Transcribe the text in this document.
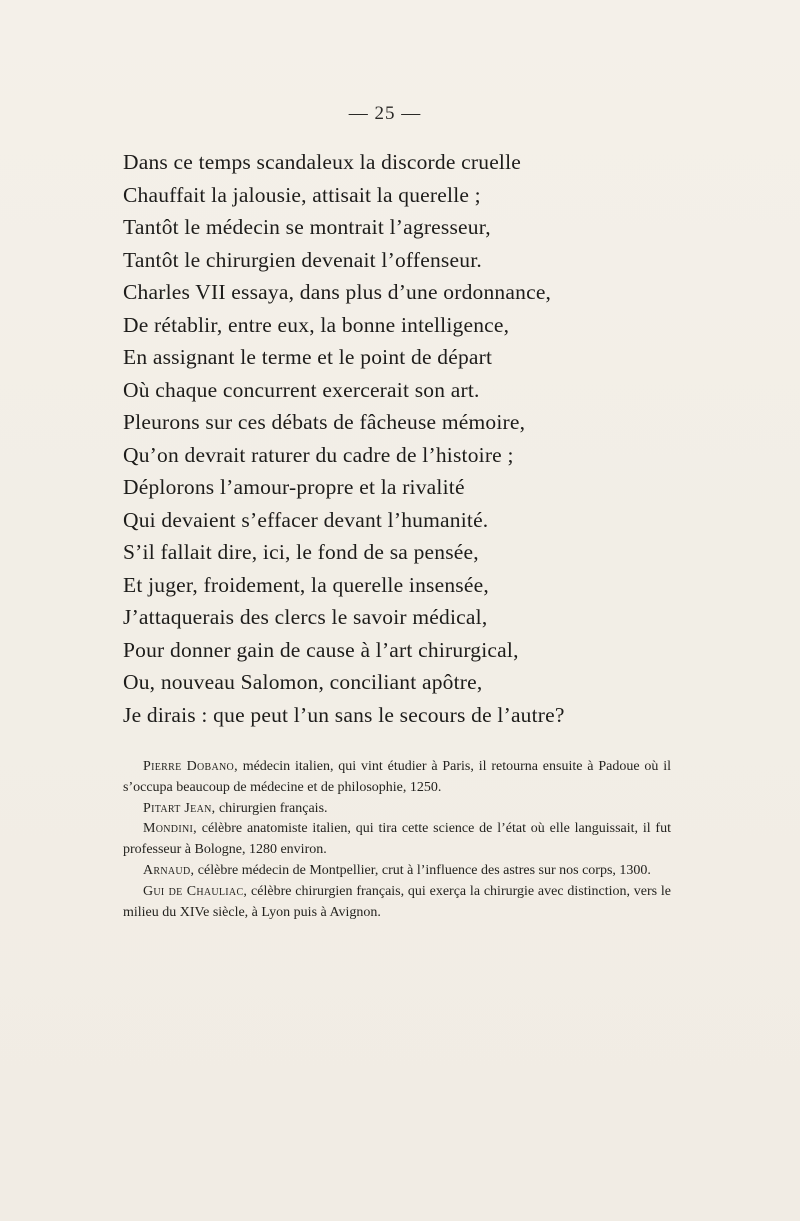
— 25 —
Dans ce temps scandaleux la discorde cruelle
Chauffait la jalousie, attisait la querelle ;
Tantôt le médecin se montrait l’agresseur,
Tantôt le chirurgien devenait l’offenseur.
Charles VII essaya, dans plus d’une ordonnance,
De rétablir, entre eux, la bonne intelligence,
En assignant le terme et le point de départ
Où chaque concurrent exercerait son art.
Pleurons sur ces débats de fâcheuse mémoire,
Qu’on devrait raturer du cadre de l’histoire ;
Déplorons l’amour-propre et la rivalité
Qui devaient s’effacer devant l’humanité.
S’il fallait dire, ici, le fond de sa pensée,
Et juger, froidement, la querelle insensée,
J’attaquerais des clercs le savoir médical,
Pour donner gain de cause à l’art chirurgical,
Ou, nouveau Salomon, conciliant apôtre,
Je dirais : que peut l’un sans le secours de l’autre?

Pierre Dobano, médecin italien, qui vint étudier à Paris, il retourna ensuite à Padoue où il s’occupa beaucoup de médecine et de philosophie, 1250.

Pitart Jean, chirurgien français.

Mondini, célèbre anatomiste italien, qui tira cette science de l’état où elle languissait, il fut professeur à Bologne, 1280 environ.

Arnaud, célèbre médecin de Montpellier, crut à l’influence des astres sur nos corps, 1300.

Gui de Chauliac, célèbre chirurgien français, qui exerça la chirurgie avec distinction, vers le milieu du XIVe siècle, à Lyon puis à Avignon.
